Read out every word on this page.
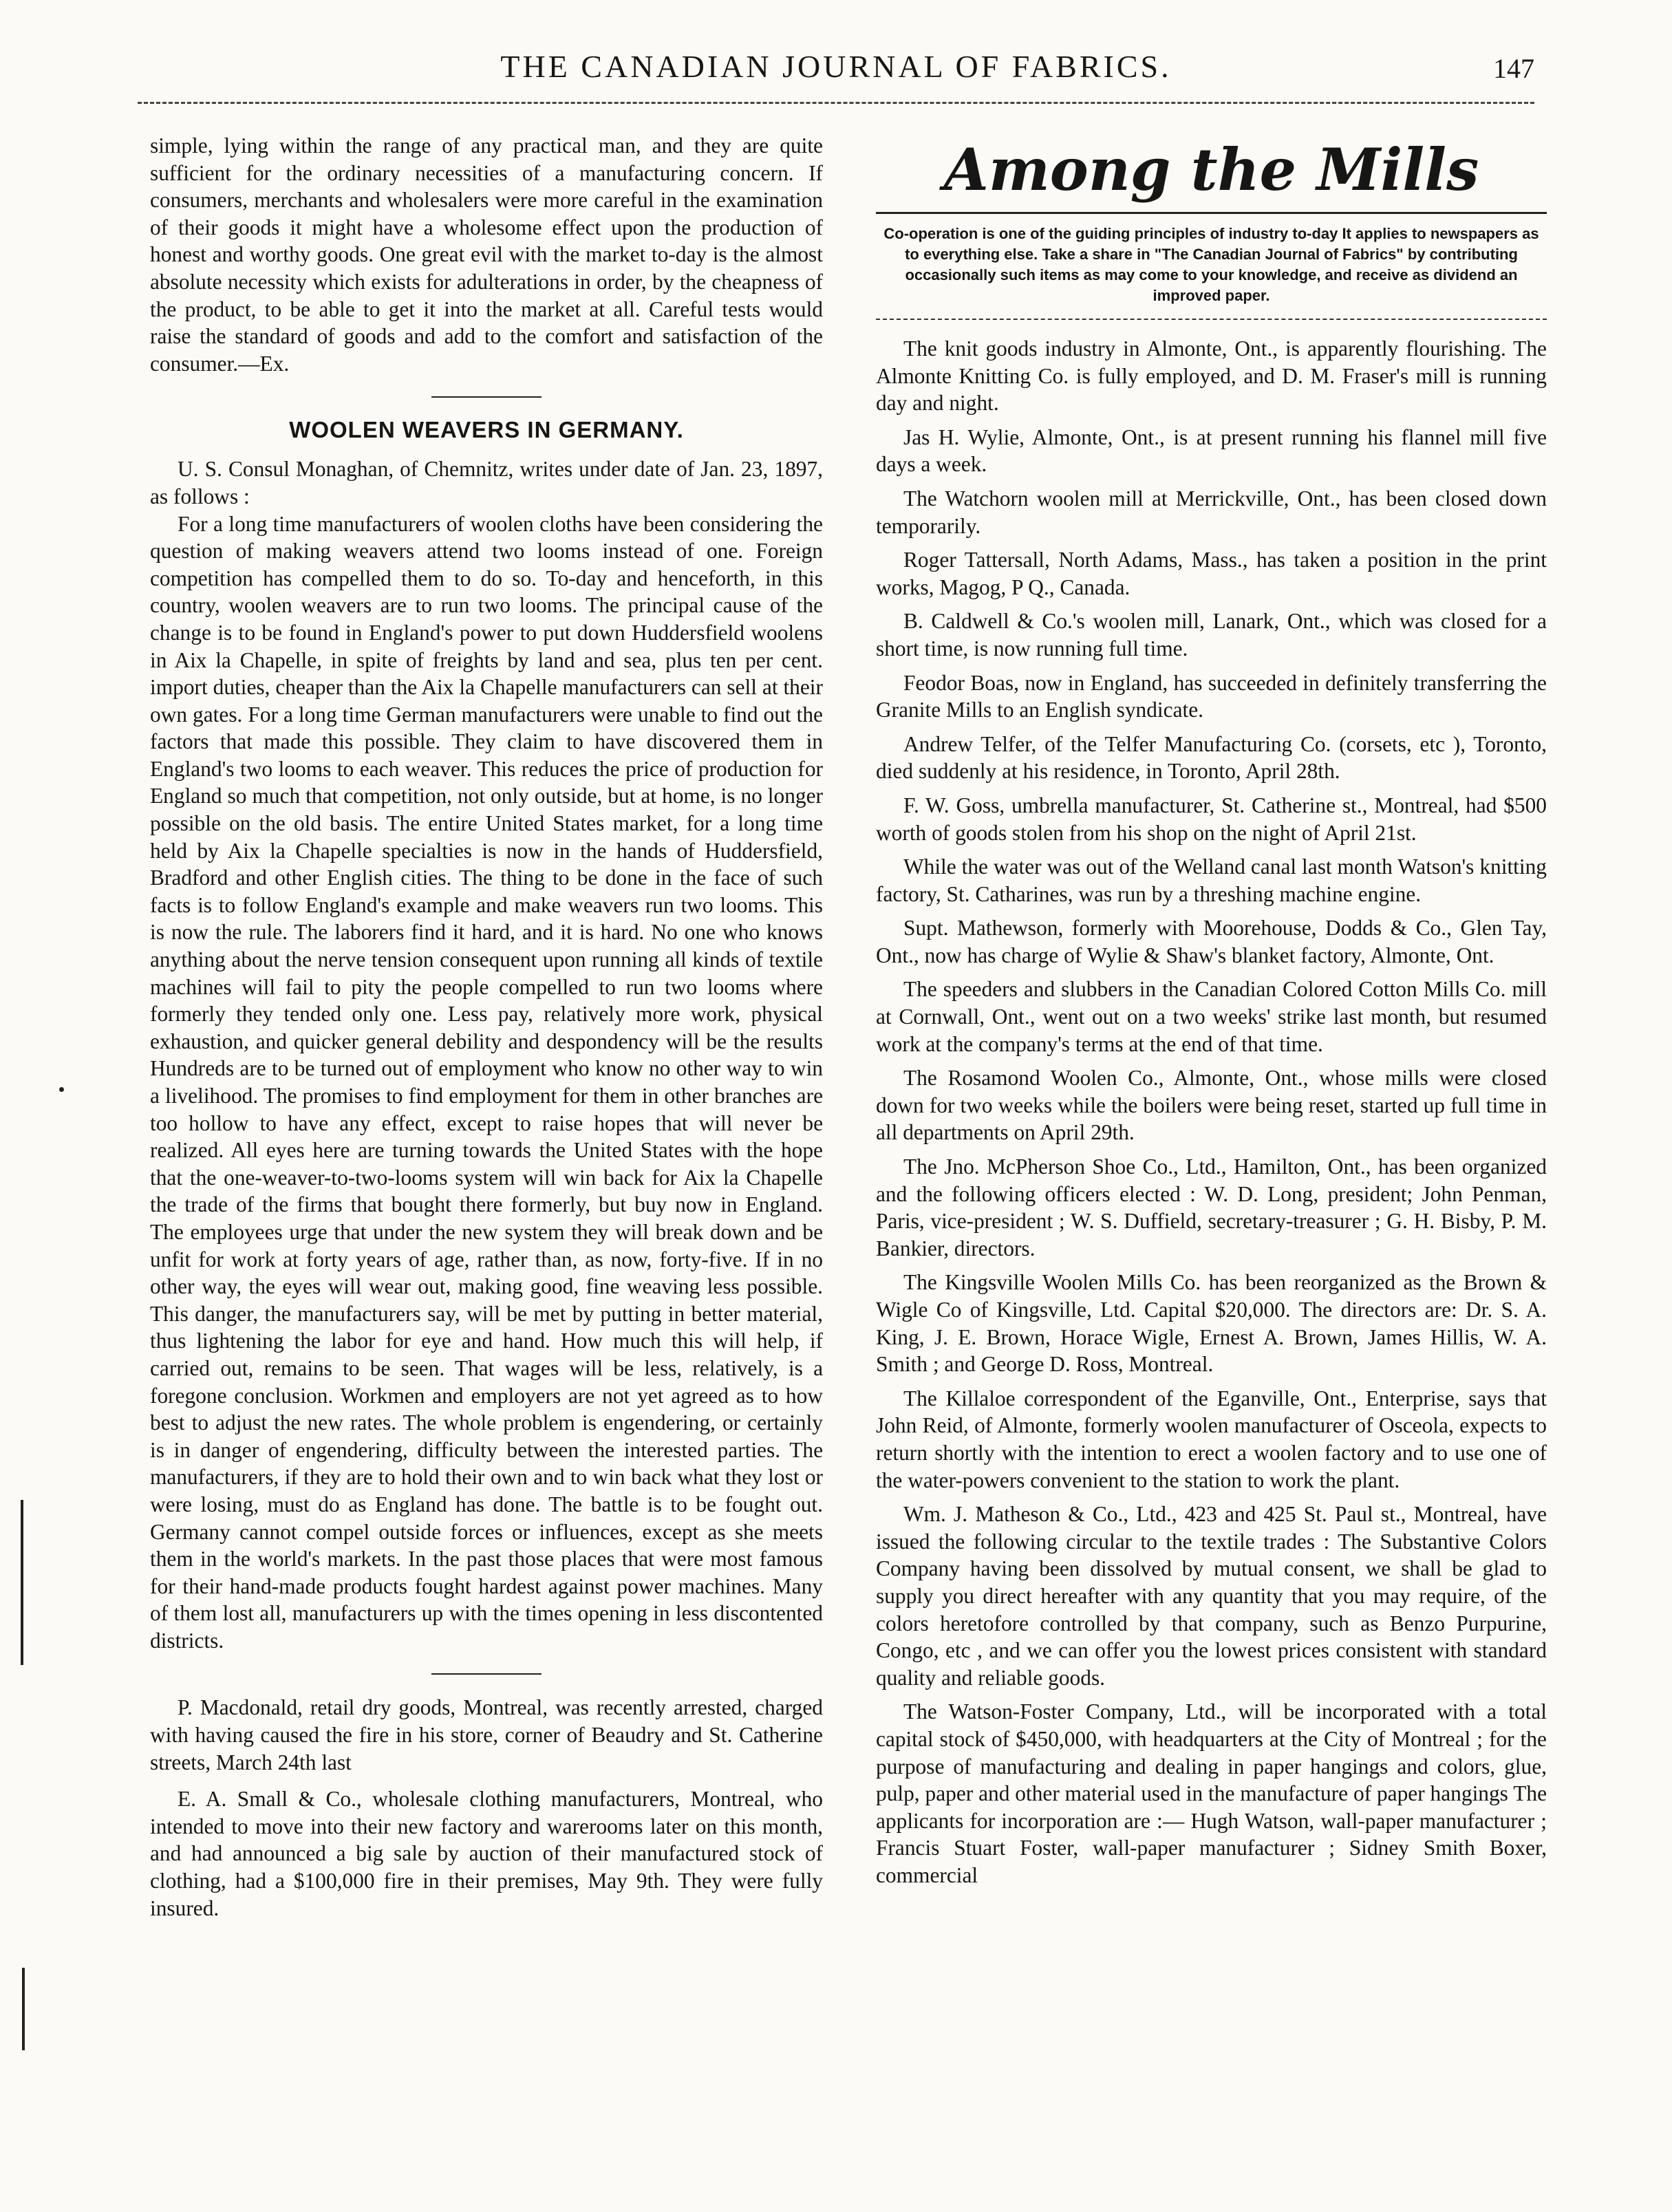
THE CANADIAN JOURNAL OF FABRICS.	147

simple, lying within the range of any practical man, and they are quite sufficient for the ordinary necessities of a manufacturing concern. If consumers, merchants and wholesalers were more careful in the examination of their goods it might have a wholesome effect upon the production of honest and worthy goods. One great evil with the market to-day is the almost absolute necessity which exists for adulterations in order, by the cheapness of the product, to be able to get it into the market at all. Careful tests would raise the standard of goods and add to the comfort and satisfaction of the consumer.—Ex.

WOOLEN WEAVERS IN GERMANY.

U. S. Consul Monaghan, of Chemnitz, writes under date of Jan. 23, 1897, as follows :

For a long time manufacturers of woolen cloths have been considering the question of making weavers attend two looms instead of one. Foreign competition has compelled them to do so. To-day and henceforth, in this country, woolen weavers are to run two looms. The principal cause of the change is to be found in England's power to put down Huddersfield woolens in Aix la Chapelle, in spite of freights by land and sea, plus ten per cent. import duties, cheaper than the Aix la Chapelle manufacturers can sell at their own gates. For a long time German manufacturers were unable to find out the factors that made this possible. They claim to have discovered them in England's two looms to each weaver. This reduces the price of production for England so much that competition, not only outside, but at home, is no longer possible on the old basis. The entire United States market, for a long time held by Aix la Chapelle specialties is now in the hands of Huddersfield, Bradford and other English cities. The thing to be done in the face of such facts is to follow England's example and make weavers run two looms. This is now the rule. The laborers find it hard, and it is hard. No one who knows anything about the nerve tension consequent upon running all kinds of textile machines will fail to pity the people compelled to run two looms where formerly they tended only one. Less pay, relatively more work, physical exhaustion, and quicker general debility and despondency will be the results Hundreds are to be turned out of employment who know no other way to win a livelihood. The promises to find employment for them in other branches are too hollow to have any effect, except to raise hopes that will never be realized. All eyes here are turning towards the United States with the hope that the one-weaver-to-two-looms system will win back for Aix la Chapelle the trade of the firms that bought there formerly, but buy now in England. The employees urge that under the new system they will break down and be unfit for work at forty years of age, rather than, as now, forty-five. If in no other way, the eyes will wear out, making good, fine weaving less possible. This danger, the manufacturers say, will be met by putting in better material, thus lightening the labor for eye and hand. How much this will help, if carried out, remains to be seen. That wages will be less, relatively, is a foregone conclusion. Workmen and employers are not yet agreed as to how best to adjust the new rates. The whole problem is engendering, or certainly is in danger of engendering, difficulty between the interested parties. The manufacturers, if they are to hold their own and to win back what they lost or were losing, must do as England has done. The battle is to be fought out. Germany cannot compel outside forces or influences, except as she meets them in the world's markets. In the past those places that were most famous for their hand-made products fought hardest against power machines. Many of them lost all, manufacturers up with the times opening in less discontented districts.

P. Macdonald, retail dry goods, Montreal, was recently arrested, charged with having caused the fire in his store, corner of Beaudry and St. Catherine streets, March 24th last

E. A. Small & Co., wholesale clothing manufacturers, Montreal, who intended to move into their new factory and warerooms later on this month, and had announced a big sale by auction of their manufactured stock of clothing, had a $100,000 fire in their premises, May 9th. They were fully insured.

Among the Mills

Co-operation is one of the guiding principles of industry to-day It applies to newspapers as to everything else. Take a share in "The Canadian Journal of Fabrics" by contributing occasionally such items as may come to your knowledge, and receive as dividend an improved paper.

The knit goods industry in Almonte, Ont., is apparently flourishing. The Almonte Knitting Co. is fully employed, and D. M. Fraser's mill is running day and night.

Jas H. Wylie, Almonte, Ont., is at present running his flannel mill five days a week.

The Watchorn woolen mill at Merrickville, Ont., has been closed down temporarily.

Roger Tattersall, North Adams, Mass., has taken a position in the print works, Magog, P Q., Canada.

B. Caldwell & Co.'s woolen mill, Lanark, Ont., which was closed for a short time, is now running full time.

Feodor Boas, now in England, has succeeded in definitely transferring the Granite Mills to an English syndicate.

Andrew Telfer, of the Telfer Manufacturing Co. (corsets, etc ), Toronto, died suddenly at his residence, in Toronto, April 28th.

F. W. Goss, umbrella manufacturer, St. Catherine st., Montreal, had $500 worth of goods stolen from his shop on the night of April 21st.

While the water was out of the Welland canal last month Watson's knitting factory, St. Catharines, was run by a threshing machine engine.

Supt. Mathewson, formerly with Moorehouse, Dodds & Co., Glen Tay, Ont., now has charge of Wylie & Shaw's blanket factory, Almonte, Ont.

The speeders and slubbers in the Canadian Colored Cotton Mills Co. mill at Cornwall, Ont., went out on a two weeks' strike last month, but resumed work at the company's terms at the end of that time.

The Rosamond Woolen Co., Almonte, Ont., whose mills were closed down for two weeks while the boilers were being reset, started up full time in all departments on April 29th.

The Jno. McPherson Shoe Co., Ltd., Hamilton, Ont., has been organized and the following officers elected : W. D. Long, president; John Penman, Paris, vice-president ; W. S. Duffield, secretary-treasurer ; G. H. Bisby, P. M. Bankier, directors.

The Kingsville Woolen Mills Co. has been reorganized as the Brown & Wigle Co of Kingsville, Ltd. Capital $20,000. The directors are: Dr. S. A. King, J. E. Brown, Horace Wigle, Ernest A. Brown, James Hillis, W. A. Smith ; and George D. Ross, Montreal.

The Killaloe correspondent of the Eganville, Ont., Enterprise, says that John Reid, of Almonte, formerly woolen manufacturer of Osceola, expects to return shortly with the intention to erect a woolen factory and to use one of the water-powers convenient to the station to work the plant.

Wm. J. Matheson & Co., Ltd., 423 and 425 St. Paul st., Montreal, have issued the following circular to the textile trades : The Substantive Colors Company having been dissolved by mutual consent, we shall be glad to supply you direct hereafter with any quantity that you may require, of the colors heretofore controlled by that company, such as Benzo Purpurine, Congo, etc , and we can offer you the lowest prices consistent with standard quality and reliable goods.

The Watson-Foster Company, Ltd., will be incorporated with a total capital stock of $450,000, with headquarters at the City of Montreal ; for the purpose of manufacturing and dealing in paper hangings and colors, glue, pulp, paper and other material used in the manufacture of paper hangings The applicants for incorporation are :— Hugh Watson, wall-paper manufacturer ; Francis Stuart Foster, wall-paper manufacturer ; Sidney Smith Boxer, commercial
